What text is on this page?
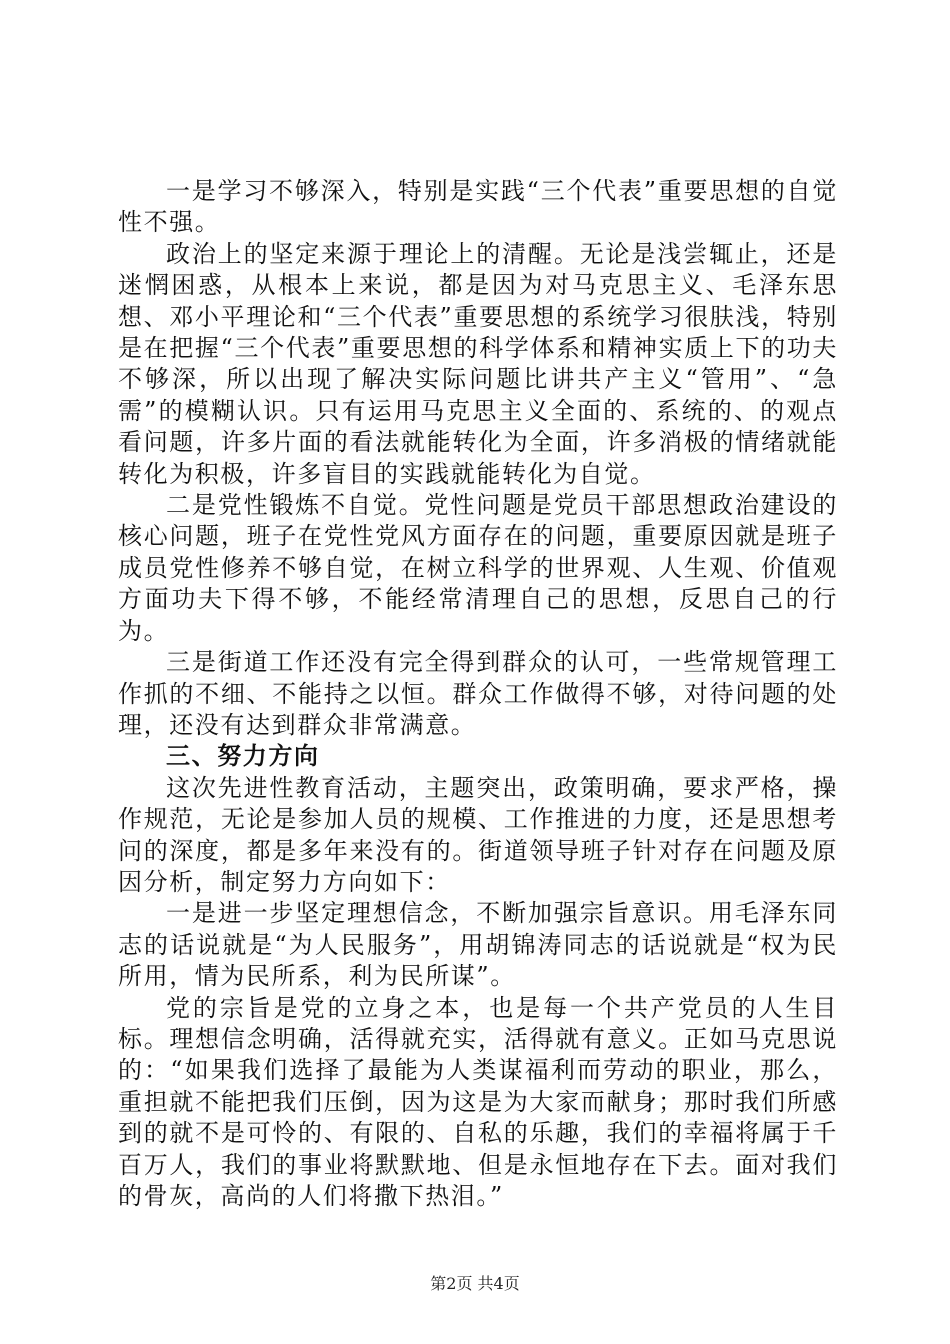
一是学习不够深入，特别是实践“三个代表”重要思想的自觉性不强。

政治上的坚定来源于理论上的清醒。无论是浅尝辄止，还是迷惘困惑，从根本上来说，都是因为对马克思主义、毛泽东思想、邓小平理论和“三个代表”重要思想的系统学习很肤浅，特别是在把握“三个代表”重要思想的科学体系和精神实质上下的功夫不够深，所以出现了解决实际问题比讲共产主义“管用”、“急需”的模糊认识。只有运用马克思主义全面的、系统的、的观点看问题，许多片面的看法就能转化为全面，许多消极的情绪就能转化为积极，许多盲目的实践就能转化为自觉。

二是党性锻炼不自觉。党性问题是党员干部思想政治建设的核心问题，班子在党性党风方面存在的问题，重要原因就是班子成员党性修养不够自觉，在树立科学的世界观、人生观、价值观方面功夫下得不够，不能经常清理自己的思想，反思自己的行为。

三是街道工作还没有完全得到群众的认可，一些常规管理工作抓的不细、不能持之以恒。群众工作做得不够，对待问题的处理，还没有达到群众非常满意。

三、努力方向

这次先进性教育活动，主题突出，政策明确，要求严格，操作规范，无论是参加人员的规模、工作推进的力度，还是思想考问的深度，都是多年来没有的。街道领导班子针对存在问题及原因分析，制定努力方向如下：

一是进一步坚定理想信念，不断加强宗旨意识。用毛泽东同志的话说就是“为人民服务”，用胡锦涛同志的话说就是“权为民所用，情为民所系，利为民所谋”。

党的宗旨是党的立身之本，也是每一个共产党员的人生目标。理想信念明确，活得就充实，活得就有意义。正如马克思说的：“如果我们选择了最能为人类谋福利而劳动的职业，那么，重担就不能把我们压倒，因为这是为大家而献身；那时我们所感到的就不是可怜的、有限的、自私的乐趣，我们的幸福将属于千百万人，我们的事业将默默地、但是永恒地存在下去。面对我们的骨灰，高尚的人们将撒下热泪。”

第2页 共4页
